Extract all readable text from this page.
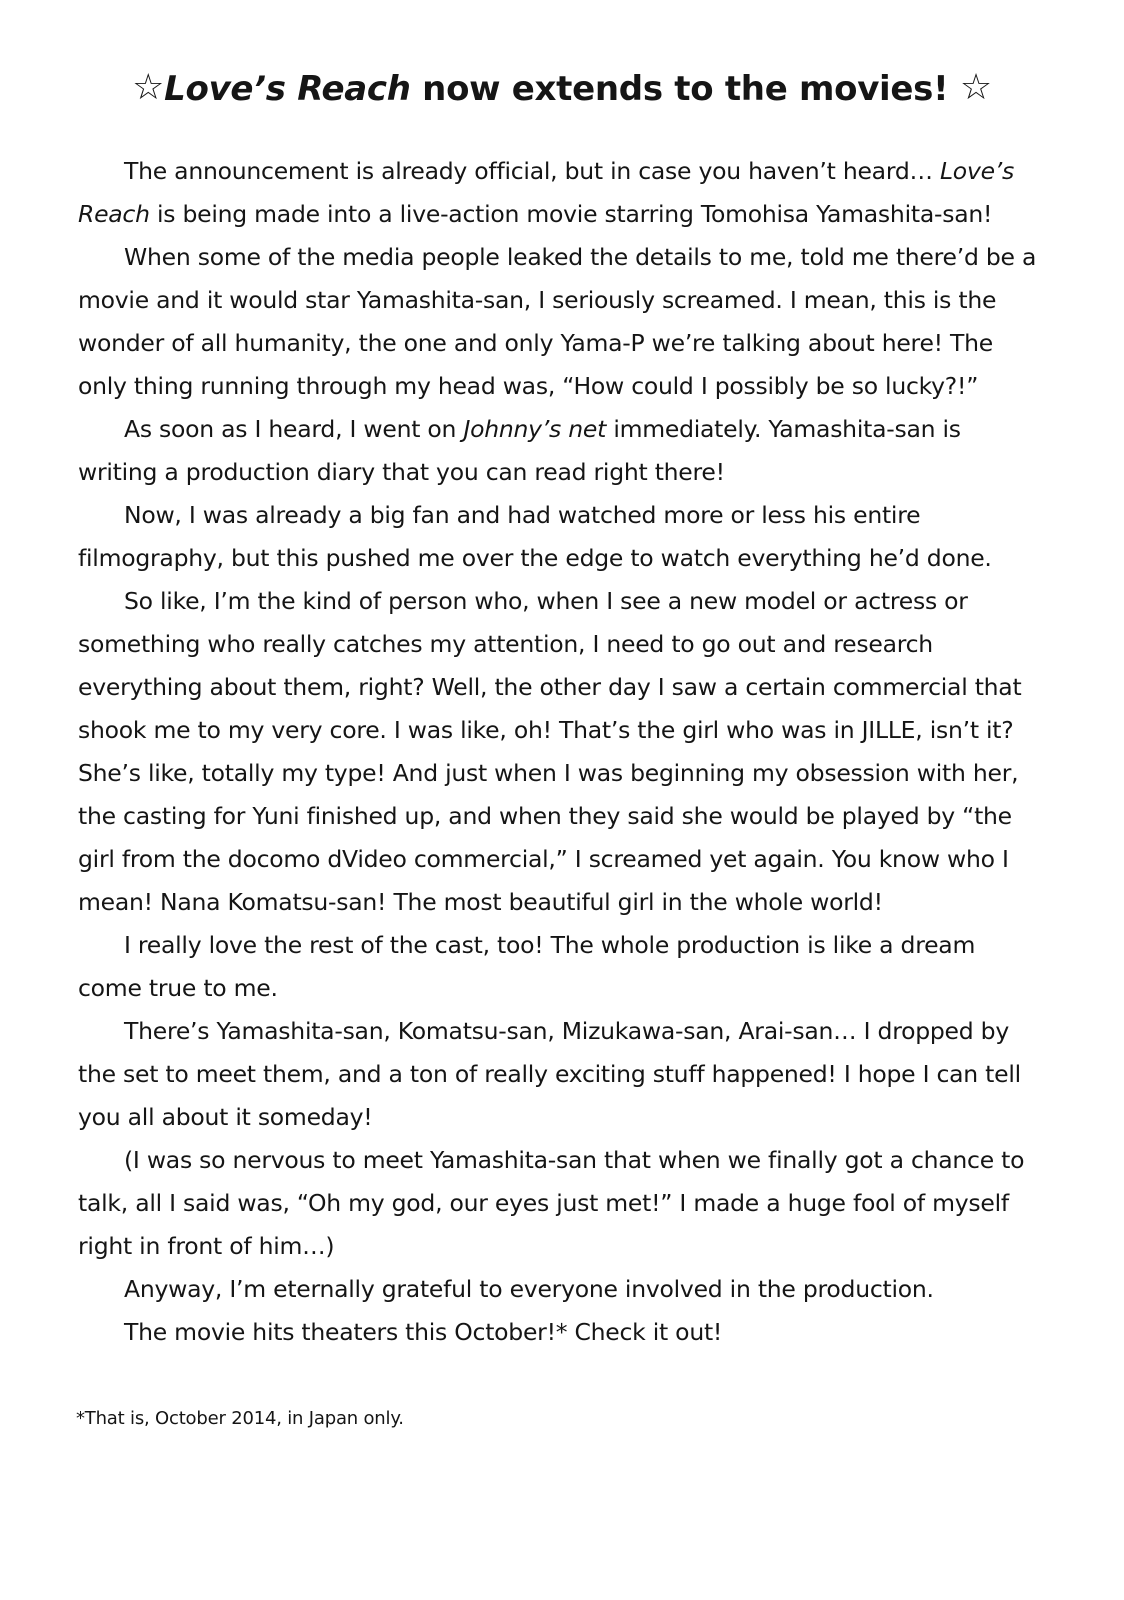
☆Love’s Reach now extends to the movies! ☆

The announcement is already official, but in case you haven’t heard… Love’s Reach is being made into a live-action movie starring Tomohisa Yamashita-san!

When some of the media people leaked the details to me, told me there’d be a movie and it would star Yamashita-san, I seriously screamed. I mean, this is the wonder of all humanity, the one and only Yama-P we’re talking about here! The only thing running through my head was, “How could I possibly be so lucky?!”

As soon as I heard, I went on Johnny’s net immediately. Yamashita-san is writing a production diary that you can read right there!

Now, I was already a big fan and had watched more or less his entire filmography, but this pushed me over the edge to watch everything he’d done.

So like, I’m the kind of person who, when I see a new model or actress or something who really catches my attention, I need to go out and research everything about them, right? Well, the other day I saw a certain commercial that shook me to my very core. I was like, oh! That’s the girl who was in JILLE, isn’t it? She’s like, totally my type! And just when I was beginning my obsession with her, the casting for Yuni finished up, and when they said she would be played by “the girl from the docomo dVideo commercial,” I screamed yet again. You know who I mean! Nana Komatsu-san! The most beautiful girl in the whole world!

I really love the rest of the cast, too! The whole production is like a dream come true to me.

There’s Yamashita-san, Komatsu-san, Mizukawa-san, Arai-san… I dropped by the set to meet them, and a ton of really exciting stuff happened! I hope I can tell you all about it someday!

(I was so nervous to meet Yamashita-san that when we finally got a chance to talk, all I said was, “Oh my god, our eyes just met!” I made a huge fool of myself right in front of him…)

Anyway, I’m eternally grateful to everyone involved in the production.

The movie hits theaters this October!* Check it out!

*That is, October 2014, in Japan only.
